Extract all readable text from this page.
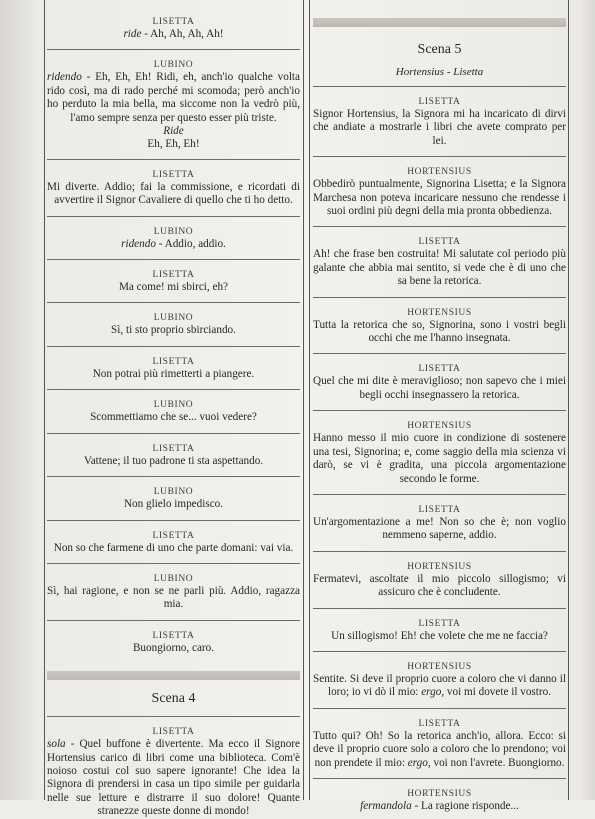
LISETTA

ride - Ah, Ah, Ah, Ah!

LUBINO

ridendo - Eh, Eh, Eh! Ridi, eh, anch'io qualche volta rido così, ma di rado perché mi scomoda; però anch'io ho perduto la mia bella, ma siccome non la vedrò più, l'amo sempre senza per questo esser più triste.

Ride

Eh, Eh, Eh!

LISETTA

Mi diverte. Addio; fai la commissione, e ricordati di avvertire il Signor Cavaliere di quello che ti ho detto.

LUBINO

ridendo - Addio, addio.

LISETTA

Ma come! mi sbirci, eh?

LUBINO

Sì, ti sto proprio sbirciando.

LISETTA

Non potrai più rimetterti a piangere.

LUBINO

Scommettiamo che se... vuoi vedere?

LISETTA

Vattene; il tuo padrone ti sta aspettando.

LUBINO

Non glielo impedisco.

LISETTA

Non so che farmene di uno che parte domani: vai via.

LUBINO

Sì, hai ragione, e non se ne parli più. Addio, ragazza mia.

LISETTA

Buongiorno, caro.

Scena 4

LISETTA

sola - Quel buffone è divertente. Ma ecco il Signore Hortensius carico di libri come una biblioteca. Com'è noioso costui col suo sapere ignorante! Che idea la Signora di prendersi in casa un tipo simile per guidarla nelle sue letture e distrarre il suo dolore! Quante stranezze queste donne di mondo!

Scena 5

Hortensius - Lisetta

LISETTA

Signor Hortensius, la Signora mi ha incaricato di dirvi che andiate a mostrarle i libri che avete comprato per lei.

HORTENSIUS

Obbedirò puntualmente, Signorina Lisetta; e la Signora Marchesa non poteva incaricare nessuno che rendesse i suoi ordini più degni della mia pronta obbedienza.

LISETTA

Ah! che frase ben costruita! Mi salutate col periodo più galante che abbia mai sentito, si vede che è di uno che sa bene la retorica.

HORTENSIUS

Tutta la retorica che so, Signorina, sono i vostri begli occhi che me l'hanno insegnata.

LISETTA

Quel che mi dite è meraviglioso; non sapevo che i miei begli occhi insegnassero la retorica.

HORTENSIUS

Hanno messo il mio cuore in condizione di sostenere una tesi, Signorina; e, come saggio della mia scienza vi darò, se vi è gradita, una piccola argomentazione secondo le forme.

LISETTA

Un'argomentazione a me! Non so che è; non voglio nemmeno saperne, addio.

HORTENSIUS

Fermatevi, ascoltate il mio piccolo sillogismo; vi assicuro che è concludente.

LISETTA

Un sillogismo! Eh! che volete che me ne faccia?

HORTENSIUS

Sentite. Si deve il proprio cuore a coloro che vi danno il loro; io vi dò il mio: ergo, voi mi dovete il vostro.

LISETTA

Tutto qui? Oh! So la retorica anch'io, allora. Ecco: si deve il proprio cuore solo a coloro che lo prendono; voi non prendete il mio: ergo, voi non l'avrete. Buongiorno.

HORTENSIUS

fermandola - La ragione risponde...
